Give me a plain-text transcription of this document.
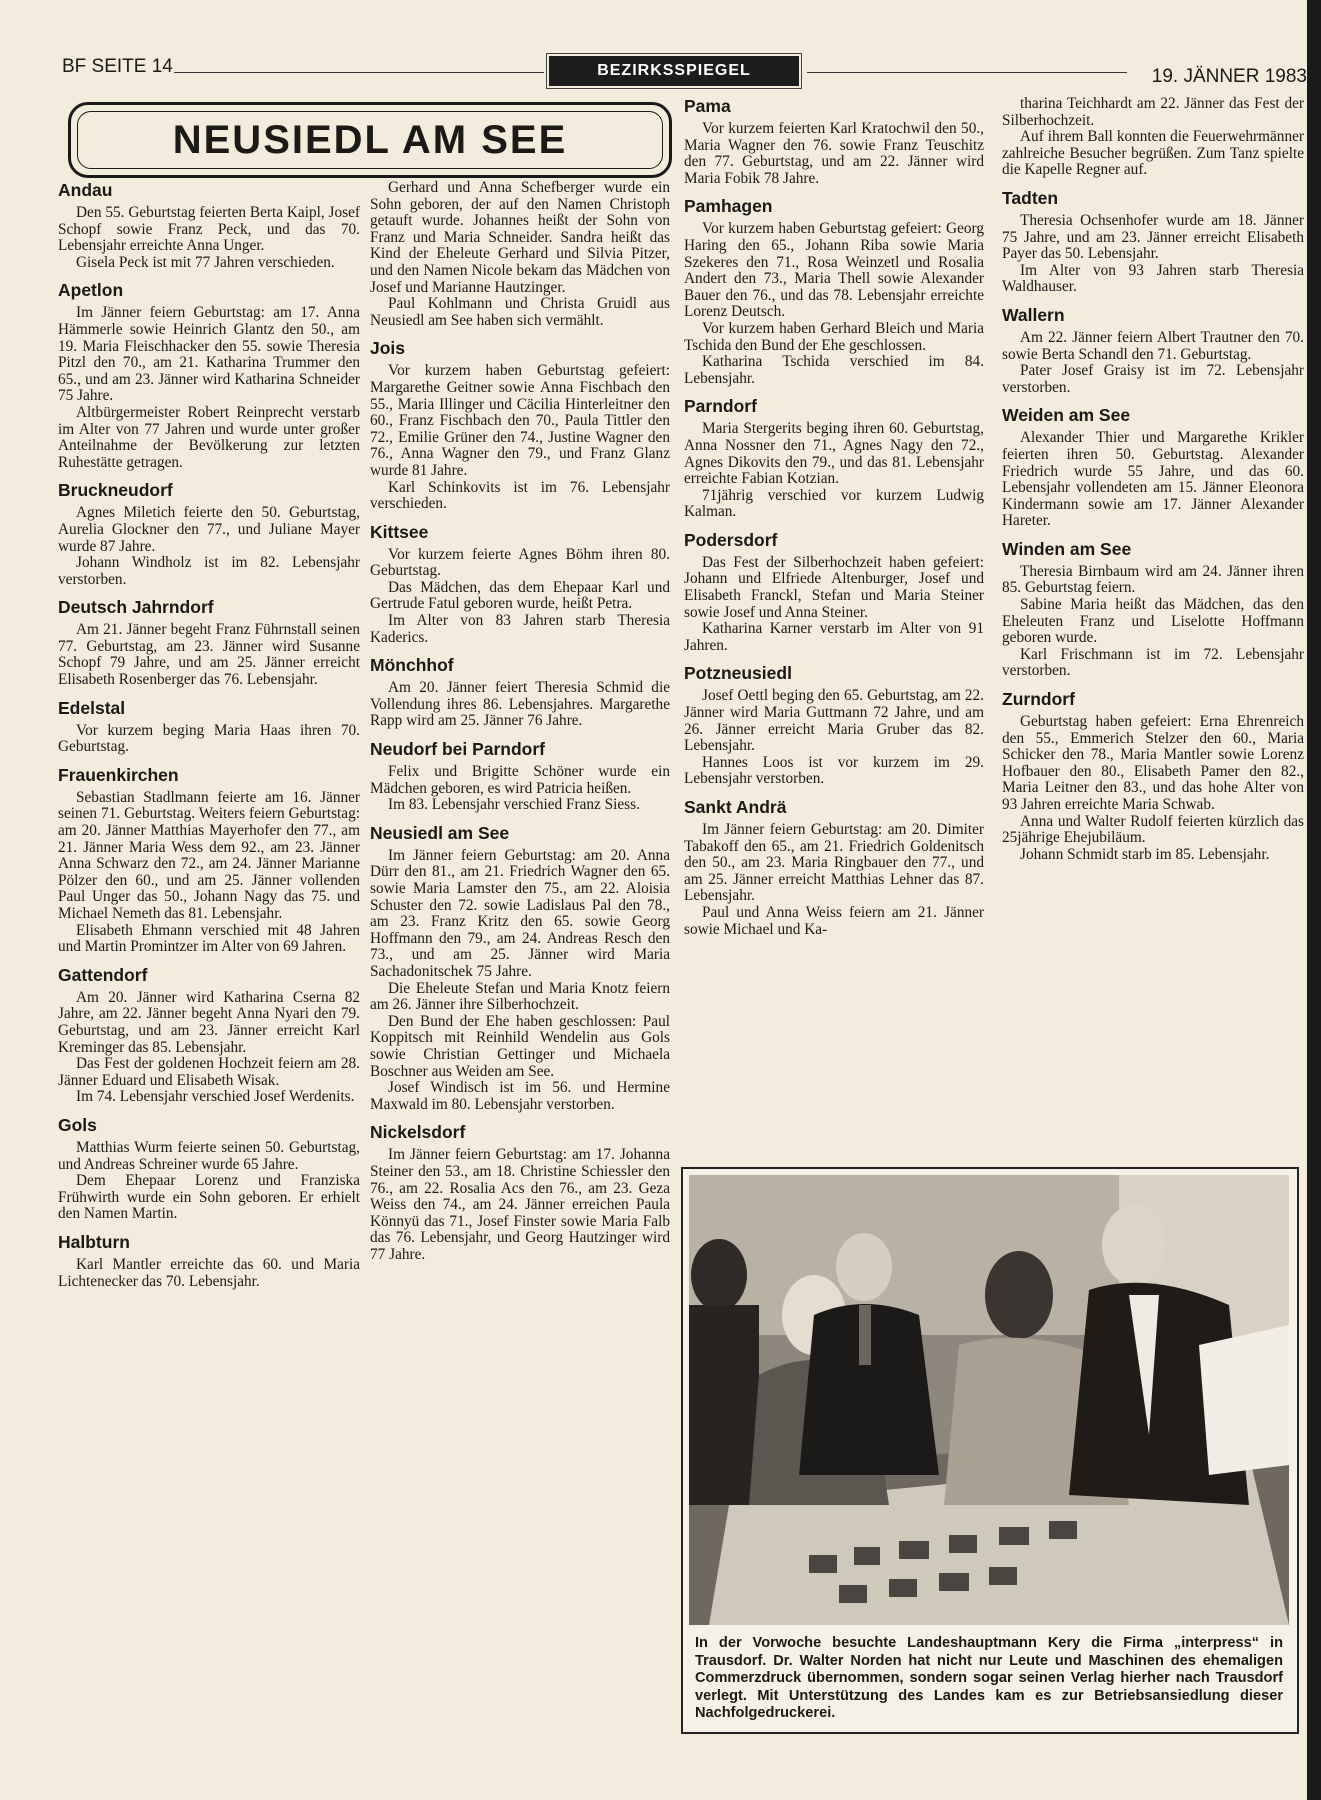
BF SEITE 14	BEZIRKSSPIEGEL	19. JÄNNER 1983
NEUSIEDL AM SEE
Andau

Den 55. Geburtstag feierten Berta Kaipl, Josef Schopf sowie Franz Peck, und das 70. Lebensjahr erreichte Anna Unger.

Gisela Peck ist mit 77 Jahren verschieden.

Apetlon

Im Jänner feiern Geburtstag: am 17. Anna Hämmerle sowie Heinrich Glantz den 50., am 19. Maria Fleischhacker den 55. sowie Theresia Pitzl den 70., am 21. Katharina Trummer den 65., und am 23. Jänner wird Katharina Schneider 75 Jahre.

Altbürgermeister Robert Reinprecht verstarb im Alter von 77 Jahren und wurde unter großer Anteilnahme der Bevölkerung zur letzten Ruhestätte getragen.

Bruckneudorf

Agnes Miletich feierte den 50. Geburtstag, Aurelia Glockner den 77., und Juliane Mayer wurde 87 Jahre.

Johann Windholz ist im 82. Lebensjahr verstorben.

Deutsch Jahrndorf

Am 21. Jänner begeht Franz Führnstall seinen 77. Geburtstag, am 23. Jänner wird Susanne Schopf 79 Jahre, und am 25. Jänner erreicht Elisabeth Rosenberger das 76. Lebensjahr.

Edelstal

Vor kurzem beging Maria Haas ihren 70. Geburtstag.

Frauenkirchen

Sebastian Stadlmann feierte am 16. Jänner seinen 71. Geburtstag. Weiters feiern Geburtstag: am 20. Jänner Matthias Mayerhofer den 77., am 21. Jänner Maria Wess dem 92., am 23. Jänner Anna Schwarz den 72., am 24. Jänner Marianne Pölzer den 60., und am 25. Jänner vollenden Paul Unger das 50., Johann Nagy das 75. und Michael Nemeth das 81. Lebensjahr.

Elisabeth Ehmann verschied mit 48 Jahren und Martin Promintzer im Alter von 69 Jahren.

Gattendorf

Am 20. Jänner wird Katharina Cserna 82 Jahre, am 22. Jänner begeht Anna Nyari den 79. Geburtstag, und am 23. Jänner erreicht Karl Kreminger das 85. Lebensjahr.

Das Fest der goldenen Hochzeit feiern am 28. Jänner Eduard und Elisabeth Wisak.

Im 74. Lebensjahr verschied Josef Werdenits.

Gols

Matthias Wurm feierte seinen 50. Geburtstag, und Andreas Schreiner wurde 65 Jahre.

Dem Ehepaar Lorenz und Franziska Frühwirth wurde ein Sohn geboren. Er erhielt den Namen Martin.

Halbturn

Karl Mantler erreichte das 60. und Maria Lichtenecker das 70. Lebensjahr.

Gerhard und Anna Schefberger wurde ein Sohn geboren, der auf den Namen Christoph getauft wurde. Johannes heißt der Sohn von Franz und Maria Schneider. Sandra heißt das Kind der Eheleute Gerhard und Silvia Pitzer, und den Namen Nicole bekam das Mädchen von Josef und Marianne Hautzinger.

Paul Kohlmann und Christa Gruidl aus Neusiedl am See haben sich vermählt.

Jois

Vor kurzem haben Geburtstag gefeiert: Margarethe Geitner sowie Anna Fischbach den 55., Maria Illinger und Cäcilia Hinterleitner den 60., Franz Fischbach den 70., Paula Tittler den 72., Emilie Grüner den 74., Justine Wagner den 76., Anna Wagner den 79., und Franz Glanz wurde 81 Jahre.

Karl Schinkovits ist im 76. Lebensjahr verschieden.

Kittsee

Vor kurzem feierte Agnes Böhm ihren 80. Geburtstag.

Das Mädchen, das dem Ehepaar Karl und Gertrude Fatul geboren wurde, heißt Petra.

Im Alter von 83 Jahren starb Theresia Kaderics.

Mönchhof

Am 20. Jänner feiert Theresia Schmid die Vollendung ihres 86. Lebensjahres. Margarethe Rapp wird am 25. Jänner 76 Jahre.

Neudorf bei Parndorf

Felix und Brigitte Schöner wurde ein Mädchen geboren, es wird Patricia heißen.

Im 83. Lebensjahr verschied Franz Siess.

Neusiedl am See

Im Jänner feiern Geburtstag: am 20. Anna Dürr den 81., am 21. Friedrich Wagner den 65. sowie Maria Lamster den 75., am 22. Aloisia Schuster den 72. sowie Ladislaus Pal den 78., am 23. Franz Kritz den 65. sowie Georg Hoffmann den 79., am 24. Andreas Resch den 73., und am 25. Jänner wird Maria Sachadonitschek 75 Jahre.

Die Eheleute Stefan und Maria Knotz feiern am 26. Jänner ihre Silberhochzeit.

Den Bund der Ehe haben geschlossen: Paul Koppitsch mit Reinhild Wendelin aus Gols sowie Christian Gettinger und Michaela Boschner aus Weiden am See.

Josef Windisch ist im 56. und Hermine Maxwald im 80. Lebensjahr verstorben.

Nickelsdorf

Im Jänner feiern Geburtstag: am 17. Johanna Steiner den 53., am 18. Christine Schiessler den 76., am 22. Rosalia Acs den 76., am 23. Geza Weiss den 74., am 24. Jänner erreichen Paula Könnyü das 71., Josef Finster sowie Maria Falb das 76. Lebensjahr, und Georg Hautzinger wird 77 Jahre.

Pama

Vor kurzem feierten Karl Kratochwil den 50., Maria Wagner den 76. sowie Franz Teuschitz den 77. Geburtstag, und am 22. Jänner wird Maria Fobik 78 Jahre.

Pamhagen

Vor kurzem haben Geburtstag gefeiert: Georg Haring den 65., Johann Riba sowie Maria Szekeres den 71., Rosa Weinzetl und Rosalia Andert den 73., Maria Thell sowie Alexander Bauer den 76., und das 78. Lebensjahr erreichte Lorenz Deutsch.

Vor kurzem haben Gerhard Bleich und Maria Tschida den Bund der Ehe geschlossen.

Katharina Tschida verschied im 84. Lebensjahr.

Parndorf

Maria Stergerits beging ihren 60. Geburtstag, Anna Nossner den 71., Agnes Nagy den 72., Agnes Dikovits den 79., und das 81. Lebensjahr erreichte Fabian Kotzian.

71jährig verschied vor kurzem Ludwig Kalman.

Podersdorf

Das Fest der Silberhochzeit haben gefeiert: Johann und Elfriede Altenburger, Josef und Elisabeth Franckl, Stefan und Maria Steiner sowie Josef und Anna Steiner.

Katharina Karner verstarb im Alter von 91 Jahren.

Potzneusiedl

Josef Oettl beging den 65. Geburtstag, am 22. Jänner wird Maria Guttmann 72 Jahre, und am 26. Jänner erreicht Maria Gruber das 82. Lebensjahr.

Hannes Loos ist vor kurzem im 29. Lebensjahr verstorben.

Sankt Andrä

Im Jänner feiern Geburtstag: am 20. Dimiter Tabakoff den 65., am 21. Friedrich Goldenitsch den 50., am 23. Maria Ringbauer den 77., und am 25. Jänner erreicht Matthias Lehner das 87. Lebensjahr.

Paul und Anna Weiss feiern am 21. Jänner sowie Michael und Ka-

tharina Teichhardt am 22. Jänner das Fest der Silberhochzeit.

Auf ihrem Ball konnten die Feuerwehrmänner zahlreiche Besucher begrüßen. Zum Tanz spielte die Kapelle Regner auf.

Tadten

Theresia Ochsenhofer wurde am 18. Jänner 75 Jahre, und am 23. Jänner erreicht Elisabeth Payer das 50. Lebensjahr.

Im Alter von 93 Jahren starb Theresia Waldhauser.

Wallern

Am 22. Jänner feiern Albert Trautner den 70. sowie Berta Schandl den 71. Geburtstag.

Pater Josef Graisy ist im 72. Lebensjahr verstorben.

Weiden am See

Alexander Thier und Margarethe Krikler feierten ihren 50. Geburtstag. Alexander Friedrich wurde 55 Jahre, und das 60. Lebensjahr vollendeten am 15. Jänner Eleonora Kindermann sowie am 17. Jänner Alexander Hareter.

Winden am See

Theresia Birnbaum wird am 24. Jänner ihren 85. Geburtstag feiern.

Sabine Maria heißt das Mädchen, das den Eheleuten Franz und Liselotte Hoffmann geboren wurde.

Karl Frischmann ist im 72. Lebensjahr verstorben.

Zurndorf

Geburtstag haben gefeiert: Erna Ehrenreich den 55., Emmerich Stelzer den 60., Maria Schicker den 78., Maria Mantler sowie Lorenz Hofbauer den 80., Elisabeth Pamer den 82., Maria Leitner den 83., und das hohe Alter von 93 Jahren erreichte Maria Schwab.

Anna und Walter Rudolf feierten kürzlich das 25jährige Ehejubiläum.

Johann Schmidt starb im 85. Lebensjahr.

In der Vorwoche besuchte Landeshauptmann Kery die Firma „interpress“ in Trausdorf. Dr. Walter Norden hat nicht nur Leute und Maschinen des ehemaligen Commerzdruck übernommen, sondern sogar seinen Verlag hierher nach Trausdorf verlegt. Mit Unterstützung des Landes kam es zur Betriebsansiedlung dieser Nachfolgedruckerei.
